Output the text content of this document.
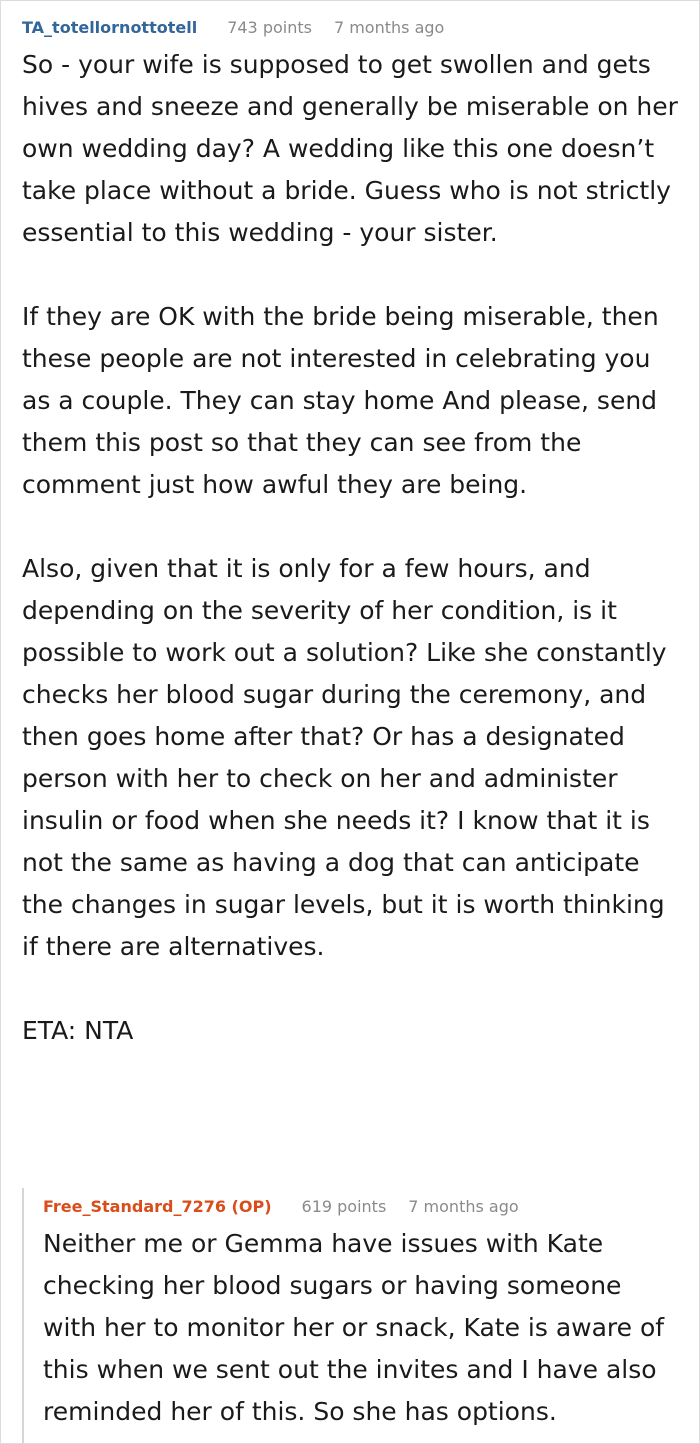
TA_totellornottotell 743 points 7 months ago

So - your wife is supposed to get swollen and gets hives and sneeze and generally be miserable on her own wedding day? A wedding like this one doesn’t take place without a bride. Guess who is not strictly essential to this wedding - your sister.

If they are OK with the bride being miserable, then these people are not interested in celebrating you as a couple. They can stay home And please, send them this post so that they can see from the comment just how awful they are being.

Also, given that it is only for a few hours, and depending on the severity of her condition, is it possible to work out a solution? Like she constantly checks her blood sugar during the ceremony, and then goes home after that? Or has a designated person with her to check on her and administer insulin or food when she needs it? I know that it is not the same as having a dog that can anticipate the changes in sugar levels, but it is worth thinking if there are alternatives.

ETA: NTA

Free_Standard_7276 (OP) 619 points 7 months ago

Neither me or Gemma have issues with Kate checking her blood sugars or having someone with her to monitor her or snack, Kate is aware of this when we sent out the invites and I have also reminded her of this. So she has options.
